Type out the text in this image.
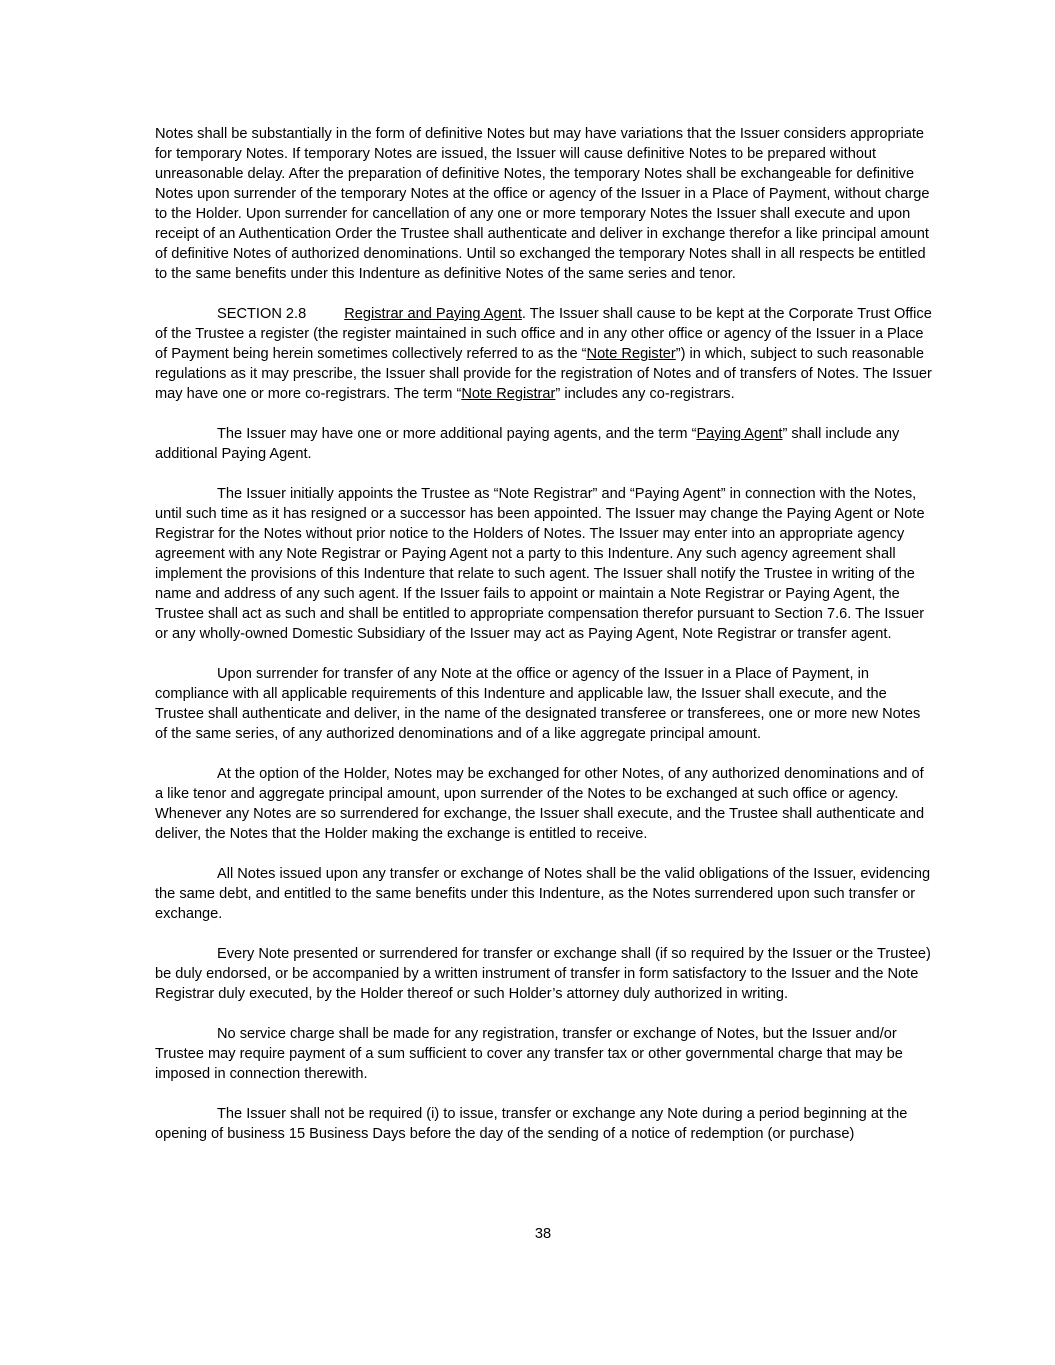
Notes shall be substantially in the form of definitive Notes but may have variations that the Issuer considers appropriate for temporary Notes. If temporary Notes are issued, the Issuer will cause definitive Notes to be prepared without unreasonable delay. After the preparation of definitive Notes, the temporary Notes shall be exchangeable for definitive Notes upon surrender of the temporary Notes at the office or agency of the Issuer in a Place of Payment, without charge to the Holder. Upon surrender for cancellation of any one or more temporary Notes the Issuer shall execute and upon receipt of an Authentication Order the Trustee shall authenticate and deliver in exchange therefor a like principal amount of definitive Notes of authorized denominations. Until so exchanged the temporary Notes shall in all respects be entitled to the same benefits under this Indenture as definitive Notes of the same series and tenor.

SECTION 2.8	Registrar and Paying Agent. The Issuer shall cause to be kept at the Corporate Trust Office of the Trustee a register (the register maintained in such office and in any other office or agency of the Issuer in a Place of Payment being herein sometimes collectively referred to as the “Note Register”) in which, subject to such reasonable regulations as it may prescribe, the Issuer shall provide for the registration of Notes and of transfers of Notes. The Issuer may have one or more co-registrars. The term “Note Registrar” includes any co-registrars.

The Issuer may have one or more additional paying agents, and the term “Paying Agent” shall include any additional Paying Agent.

The Issuer initially appoints the Trustee as “Note Registrar” and “Paying Agent” in connection with the Notes, until such time as it has resigned or a successor has been appointed. The Issuer may change the Paying Agent or Note Registrar for the Notes without prior notice to the Holders of Notes. The Issuer may enter into an appropriate agency agreement with any Note Registrar or Paying Agent not a party to this Indenture. Any such agency agreement shall implement the provisions of this Indenture that relate to such agent. The Issuer shall notify the Trustee in writing of the name and address of any such agent. If the Issuer fails to appoint or maintain a Note Registrar or Paying Agent, the Trustee shall act as such and shall be entitled to appropriate compensation therefor pursuant to Section 7.6. The Issuer or any wholly-owned Domestic Subsidiary of the Issuer may act as Paying Agent, Note Registrar or transfer agent.

Upon surrender for transfer of any Note at the office or agency of the Issuer in a Place of Payment, in compliance with all applicable requirements of this Indenture and applicable law, the Issuer shall execute, and the Trustee shall authenticate and deliver, in the name of the designated transferee or transferees, one or more new Notes of the same series, of any authorized denominations and of a like aggregate principal amount.

At the option of the Holder, Notes may be exchanged for other Notes, of any authorized denominations and of a like tenor and aggregate principal amount, upon surrender of the Notes to be exchanged at such office or agency. Whenever any Notes are so surrendered for exchange, the Issuer shall execute, and the Trustee shall authenticate and deliver, the Notes that the Holder making the exchange is entitled to receive.

All Notes issued upon any transfer or exchange of Notes shall be the valid obligations of the Issuer, evidencing the same debt, and entitled to the same benefits under this Indenture, as the Notes surrendered upon such transfer or exchange.

Every Note presented or surrendered for transfer or exchange shall (if so required by the Issuer or the Trustee) be duly endorsed, or be accompanied by a written instrument of transfer in form satisfactory to the Issuer and the Note Registrar duly executed, by the Holder thereof or such Holder’s attorney duly authorized in writing.

No service charge shall be made for any registration, transfer or exchange of Notes, but the Issuer and/or Trustee may require payment of a sum sufficient to cover any transfer tax or other governmental charge that may be imposed in connection therewith.

The Issuer shall not be required (i) to issue, transfer or exchange any Note during a period beginning at the opening of business 15 Business Days before the day of the sending of a notice of redemption (or purchase)

38
